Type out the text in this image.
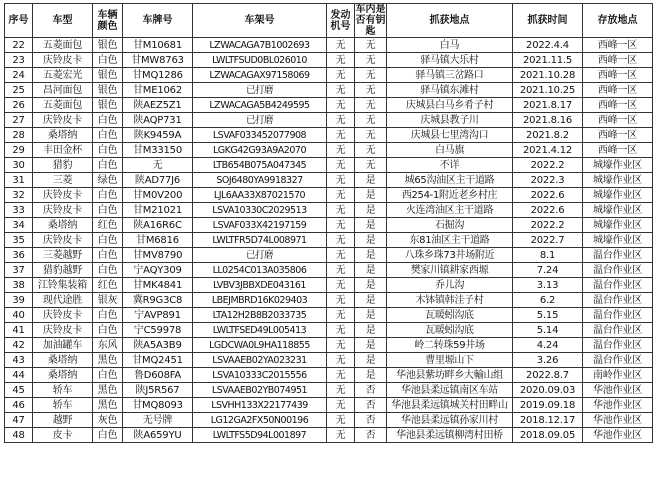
序号	车型	车辆颜色	车牌号	车架号	发动机号	车内是否有钥匙	抓获地点	抓获时间	存放地点
22	五菱面包	银色	甘M10681	LZWACAGA7B1002693	无	无	白马	2022.4.4	西峰一区
23	庆铃皮卡	白色	甘MW8763	LWLTFSUD0BL026010	无	无	驿马镇大乐村	2021.11.5	西峰一区
24	五菱宏光	银色	甘MQ1286	LZWACAGAX97158069	无	无	驿马镇三岔路口	2021.10.28	西峰一区
25	昌河面包	银色	甘ME1062	已打磨	无	无	驿马镇东滩村	2021.10.25	西峰一区
26	五菱面包	银色	陕AEZ5Z1	LZWACAGA5B4249595	无	无	庆城县白马乡肴子村	2021.8.17	西峰一区
27	庆铃皮卡	白色	陕AQP731	已打磨	无	无	庆城县教子川	2021.8.16	西峰一区
28	桑塔纳	白色	陕K9459A	LSVAF033452077908	无	无	庆城县七里湾沟口	2021.8.2	西峰一区
29	丰田金杯	白色	甘M33150	LGKG42G93A9A2070	无	无	白马旗	2021.4.12	西峰一区
30	猎豹	白色	无	LTB654B075A047345	无	无	不详	2022.2	城壕作业区
31	三菱	绿色	陕AD77J6	SOJ6480YA9918327	无	是	城65沟油区主干道路	2022.3	城壕作业区
32	庆铃皮卡	白色	甘M0V200	LJL6AA33X87021570	无	是	西254-1附近老乡村庄	2022.6	城壕作业区
33	庆铃皮卡	白色	甘M21021	LSVA10330C2029513	无	是	火连湾油区主干道路	2022.6	城壕作业区
34	桑塔纳	红色	陕A16R6C	LSVAF033X42197159	无	是	石掘沟	2022.2	城壕作业区
35	庆铃皮卡	白色	甘M6816	LWLTFR5D74L008971	无	是	东81油区主干道路	2022.7	城壕作业区
36	三菱越野	白色	甘MV8790	已打磨	无	是	八珠乡珠73井场附近	8.1	温台作业区
37	猎豹越野	白色	宁AQY309	LL0254C013A035806	无	是	樊家川镇耕家西塬	7.24	温台作业区
38	江铃集装箱	红色	甘MK4841	LVBV3JBBXDE043161	无	是	乔儿沟	3.13	温台作业区
39	现代途胜	银灰	冀R9G3C8	LBEJMBRD16K029403	无	是	木钵镇韩洼子村	6.2	温台作业区
40	庆铃皮卡	白色	宁AVP891	LTA12H2B8B2033735	无	是	瓦暖蚓沟底	5.15	温台作业区
41	庆铃皮卡	白色	宁C59978	LWLTFSED49L005413	无	是	瓦暖蚓沟底	5.14	温台作业区
42	加油罐车	东风	陕A5A3B9	LGDCWA0L9HA118855	无	是	岭二转珠59井场	4.24	温台作业区
43	桑塔纳	黑色	甘MQ2451	LSVAAEB02YA023231	无	是	曹里塬山下	3.26	温台作业区
44	桑塔纳	白色	鲁D608FA	LSVA10333C2015556	无	是	华池县紫坊畔乡大輸山组	2022.8.7	南岭作业区
45	轿车	黑色	陕J5R567	LSVAAEB02YB074951	无	否	华池县柔远镇南区车站	2020.09.03	华池作业区
46	轿车	黑色	甘MQ8093	LSVHH133X22177439	无	否	华池县柔远镇城关村田畔山	2019.09.18	华池作业区
47	越野	灰色	无号牌	LG12GA2FX50N00196	无	否	华池县柔远镇孙家川村	2018.12.17	华池作业区
48	皮卡	白色	陕A659YU	LWLTFS5D94L001897	无	否	华池县柔远镇柳湾村田桥	2018.09.05	华池作业区
